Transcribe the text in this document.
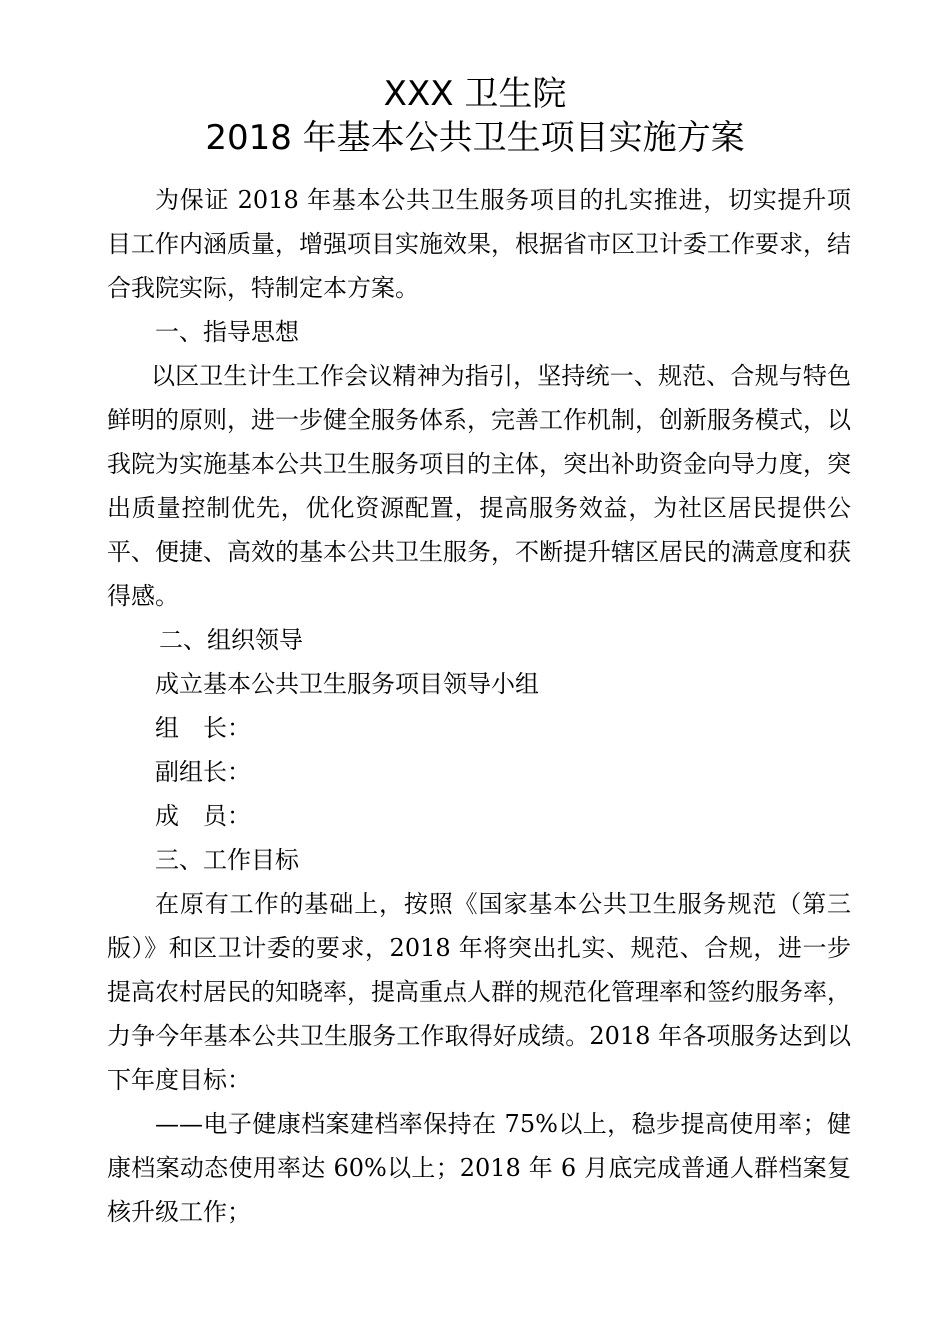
XXX 卫生院
2018 年基本公共卫生项目实施方案

为保证 2018 年基本公共卫生服务项目的扎实推进，切实提升项目工作内涵质量，增强项目实施效果，根据省市区卫计委工作要求，结合我院实际，特制定本方案。

一、指导思想

以区卫生计生工作会议精神为指引，坚持统一、规范、合规与特色鲜明的原则，进一步健全服务体系，完善工作机制，创新服务模式，以我院为实施基本公共卫生服务项目的主体，突出补助资金向导力度，突出质量控制优先，优化资源配置，提高服务效益，为社区居民提供公平、便捷、高效的基本公共卫生服务，不断提升辖区居民的满意度和获得感。

二、组织领导

成立基本公共卫生服务项目领导小组

组　长：

副组长：

成　员：

三、工作目标

在原有工作的基础上，按照《国家基本公共卫生服务规范（第三版）》和区卫计委的要求，2018 年将突出扎实、规范、合规，进一步提高农村居民的知晓率，提高重点人群的规范化管理率和签约服务率，力争今年基本公共卫生服务工作取得好成绩。2018 年各项服务达到以下年度目标：

——电子健康档案建档率保持在 75%以上，稳步提高使用率；健康档案动态使用率达 60%以上；2018 年 6 月底完成普通人群档案复核升级工作；
